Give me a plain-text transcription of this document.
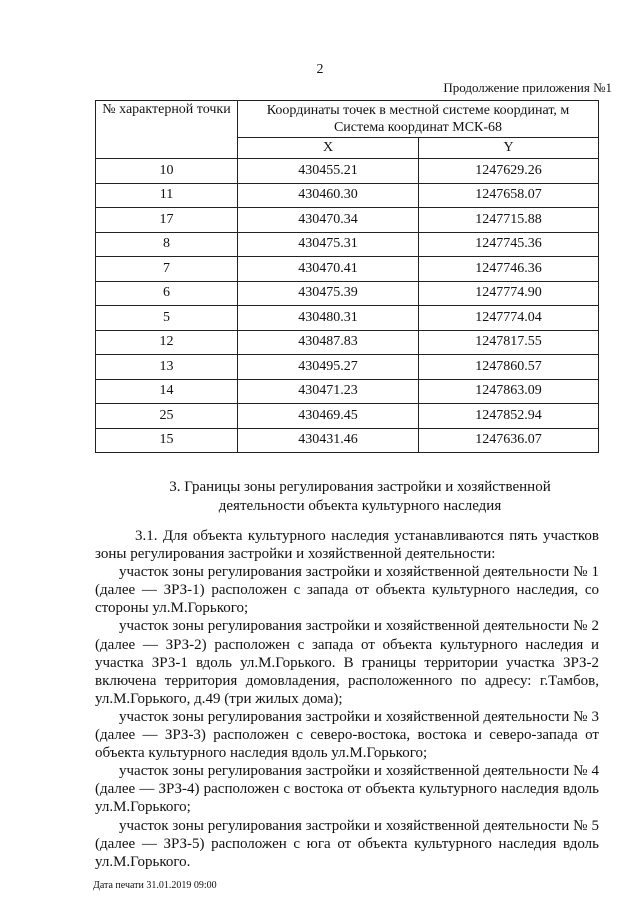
2
Продолжение приложения №1
№ характерной точки	Координаты точек в местной системе координат, м
Система координат МСК-68	
	X	Y
10	430455.21	1247629.26
11	430460.30	1247658.07
17	430470.34	1247715.88
8	430475.31	1247745.36
7	430470.41	1247746.36
6	430475.39	1247774.90
5	430480.31	1247774.04
12	430487.83	1247817.55
13	430495.27	1247860.57
14	430471.23	1247863.09
25	430469.45	1247852.94
15	430431.46	1247636.07
3. Границы зоны регулирования застройки и хозяйственной
деятельности объекта культурного наследия

3.1. Для объекта культурного наследия устанавливаются пять участков зоны регулирования застройки и хозяйственной деятельности:

участок зоны регулирования застройки и хозяйственной деятельности № 1 (далее — ЗРЗ-1) расположен с запада от объекта культурного наследия, со стороны ул.М.Горького;

участок зоны регулирования застройки и хозяйственной деятельности № 2 (далее — ЗРЗ-2) расположен с запада от объекта культурного наследия и участка ЗРЗ-1 вдоль ул.М.Горького. В границы территории участка ЗРЗ-2 включена территория домовладения, расположенного по адресу: г.Тамбов, ул.М.Горького, д.49 (три жилых дома);

участок зоны регулирования застройки и хозяйственной деятельности № 3 (далее — ЗРЗ-3) расположен с северо-востока, востока и северо-запада от объекта культурного наследия вдоль ул.М.Горького;

участок зоны регулирования застройки и хозяйственной деятельности № 4 (далее — ЗРЗ-4) расположен с востока от объекта культурного наследия вдоль ул.М.Горького;

участок зоны регулирования застройки и хозяйственной деятельности № 5 (далее — ЗРЗ-5) расположен с юга от объекта культурного наследия вдоль ул.М.Горького.

Дата печати 31.01.2019 09:00
